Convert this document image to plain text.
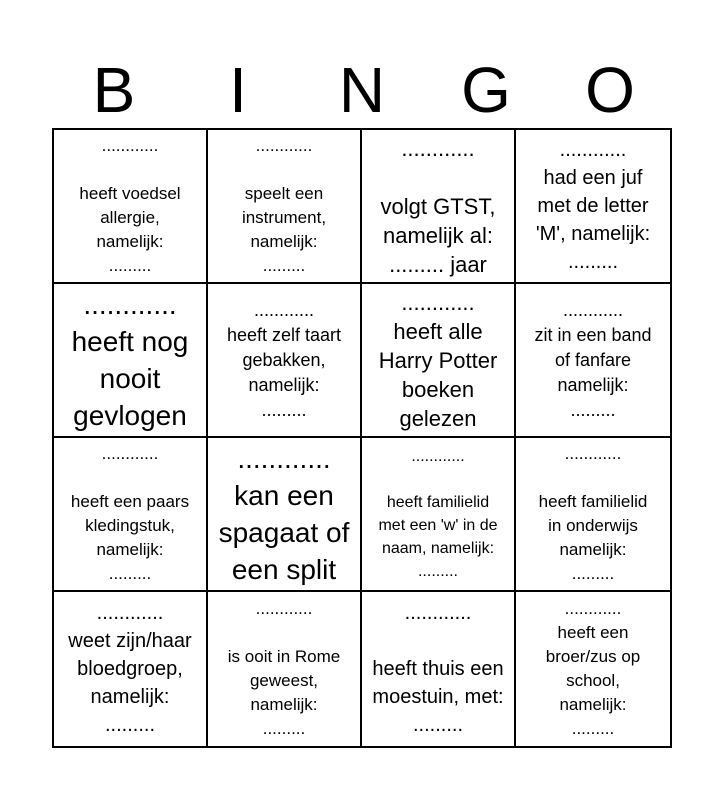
B	I	N	G	O
............

heeft voedsel
allergie,
namelijk:
.........
............

speelt een
instrument,
namelijk:
.........
............

volgt GTST,
namelijk al:
......... jaar
............
had een juf
met de letter
'M', namelijk:
.........
............
heeft nog
nooit
gevlogen
............
heeft zelf taart
gebakken,
namelijk:
.........
............
heeft alle
Harry Potter
boeken
gelezen
............
zit in een band
of fanfare
namelijk:
.........
............

heeft een paars
kledingstuk,
namelijk:
.........
............
kan een
spagaat of
een split
............

heeft familielid
met een 'w' in de
naam, namelijk:
.........
............

heeft familielid
in onderwijs
namelijk:
.........
............
weet zijn/haar
bloedgroep,
namelijk:
.........
............

is ooit in Rome
geweest,
namelijk:
.........
............

heeft thuis een
moestuin, met:
.........
............
heeft een
broer/zus op
school,
namelijk:
.........
